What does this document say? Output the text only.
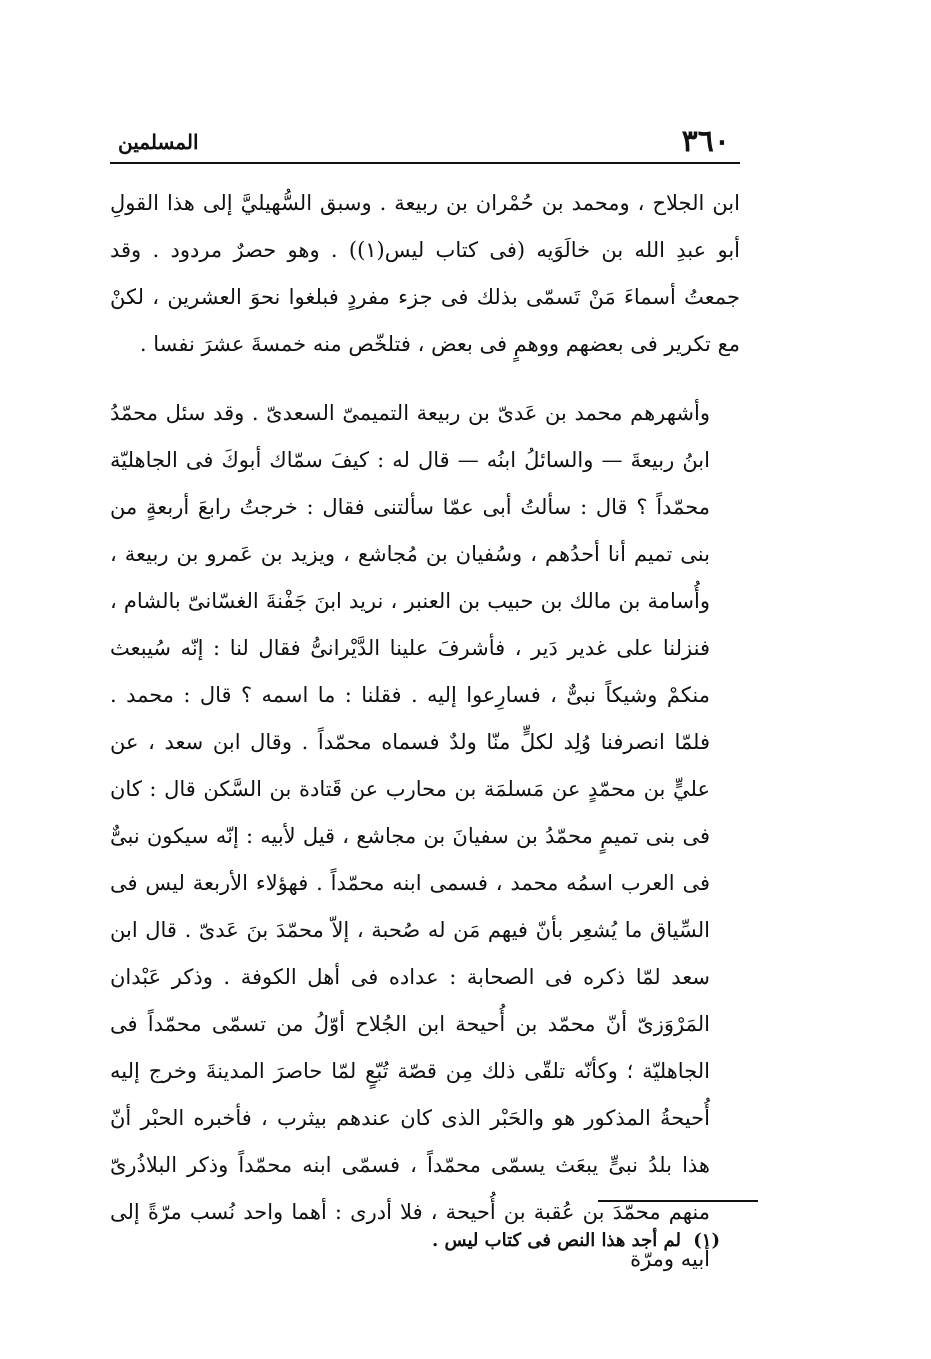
٣٦٠
المسلمين

ابن الجلاح ، ومحمد بن حُمْران بن ربيعة . وسبق السُّهيليَّ إلى هذا القولِ أبو عبدِ الله بن خالَوَيه (فى كتاب ليس(١)) . وهو حصرٌ مردود . وقد جمعتُ أسماءَ مَنْ تَسمّى بذلك فى جزء مفردٍ فبلغوا نحوَ العشرين ، لكنْ مع تكرير فى بعضهم ووهمٍ فى بعض ، فتلخّص منه خمسةَ عشرَ نفسا .

وأشهرهم محمد بن عَدىّ بن ربيعة التميمىّ السعدىّ . وقد سئل محمّدُ ابنُ ربيعةَ — والسائلُ ابنُه — قال له : كيفَ سمّاك أبوكَ فى الجاهليّة محمّداً ؟ قال : سألتُ أبى عمّا سألتنى فقال : خرجتُ رابعَ أربعةٍ من بنى تميم أنا أحدُهم ، وسُفيان بن مُجاشع ، ويزيد بن عَمرو بن ربيعة ، وأُسامة بن مالك بن حبيب بن العنبر ، نريد ابنَ جَفْنةَ الغسّانىّ بالشام ، فنزلنا على غدير دَير ، فأشرفَ علينا الدَّيْرانىُّ فقال لنا : إنّه سُيبعث منكمْ وشيكاً نبىٌّ ، فسارِعوا إليه . فقلنا : ما اسمه ؟ قال : محمد . فلمّا انصرفنا وُلِد لكلٍّ منّا ولدٌ فسماه محمّداً . وقال ابن سعد ، عن عليٍّ بن محمّدٍ عن مَسلمَة بن محارب عن قَتادة بن السَّكن قال : كان فى بنى تميمٍ محمّدُ بن سفيانَ بن مجاشع ، قيل لأبيه : إنّه سيكون نبىٌّ فى العرب اسمُه محمد ، فسمى ابنه محمّداً . فهؤلاء الأربعة ليس فى السِّياق ما يُشعِر بأنّ فيهم مَن له صُحبة ، إلاّ محمّدَ بنَ عَدىّ . قال ابن سعد لمّا ذكره فى الصحابة : عداده فى أهل الكوفة . وذكر عَبْدان المَرْوَزىّ أنّ محمّد بن أُحيحة ابن الجُلاح أوّلُ من تسمّى محمّداً فى الجاهليّة ؛ وكأنّه تلقّى ذلك مِن قصّة تُبّعٍ لمّا حاصرَ المدينةَ وخرج إليه أُحيحةُ المذكور هو والحَبْر الذى كان عندهم بيثرب ، فأخبره الحبْر أنّ هذا بلدُ نبىٍّ يبعَث يسمّى محمّداً ، فسمّى ابنه محمّداً وذكر البلاذُرىّ منهم محمّدَ بن عُقبة بن أُحيحة ، فلا أدرى : أهما واحد نُسب مرّةً إلى أبيه ومرّة

(١) لم أجد هذا النص فى كتاب ليس .
